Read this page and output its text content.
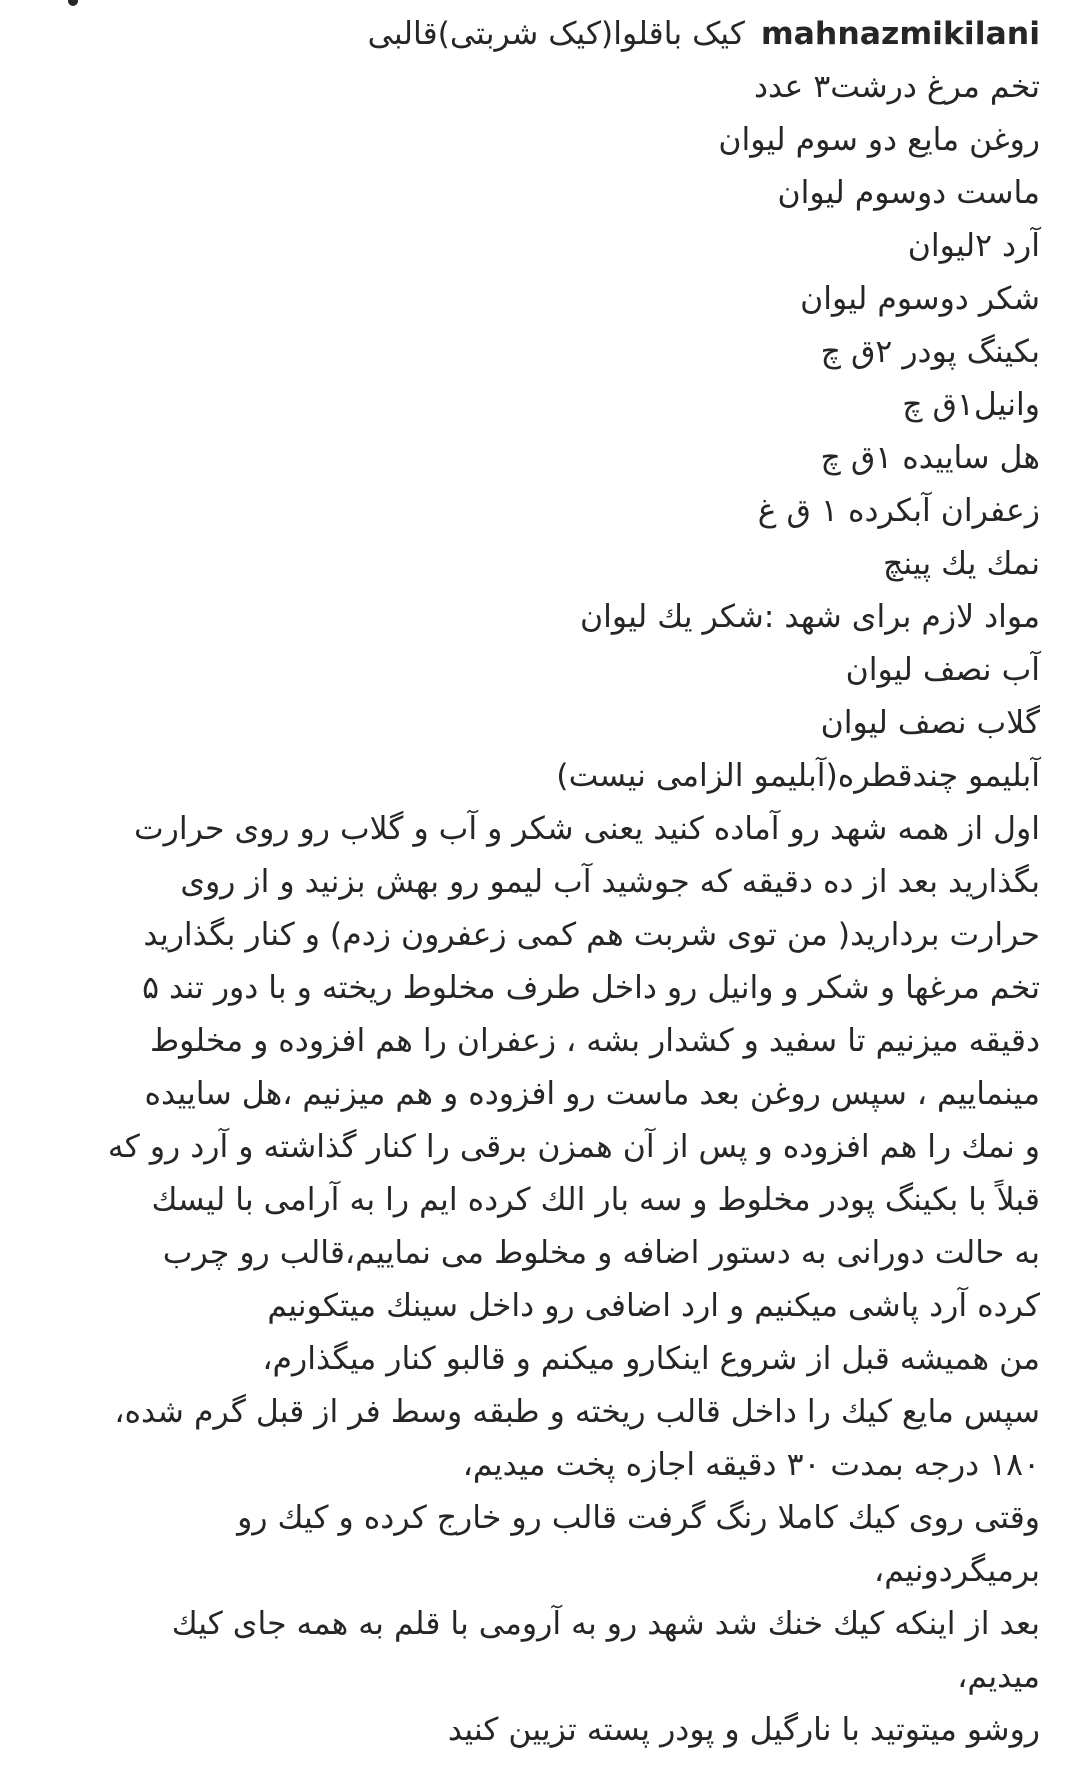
mahnazmikilani کیک باقلوا(کیک شربتی)قالبی
تخم مرغ درشت۳ عدد
روغن مایع دو سوم لیوان
ماست دوسوم لیوان
آرد ۲لیوان
شکر دوسوم لیوان
بکینگ پودر ۲ق چ
وانیل۱ق چ
هل ساییده ۱ق چ
زعفران آبکرده ۱ ق غ
نمك یك پینچ
مواد لازم برای شهد :شکر یك لیوان
آب نصف لیوان
گلاب نصف لیوان
آبلیمو چندقطره(آبلیمو الزامی نیست)
اول از همه شهد رو آماده کنید یعنی شکر و آب و گلاب رو روی حرارت
بگذارید بعد از ده دقیقه که جوشید آب لیمو رو بهش بزنید و از روی
حرارت بردارید( من توی شربت هم کمی زعفرون زدم) و کنار بگذارید
تخم مرغها و شکر و وانیل رو داخل طرف مخلوط ریخته و با دور تند ۵
دقیقه میزنیم تا سفید و کشدار بشه ، زعفران را هم افزوده و مخلوط
مینماییم ، سپس روغن بعد ماست رو افزوده و هم میزنیم ،هل ساییده
و نمك را هم افزوده و پس از آن همزن برقی را کنار گذاشته و آرد رو که
قبلاً با بکینگ پودر مخلوط و سه بار الك کرده ایم را به آرامی با لیسك
به حالت دورانی به دستور اضافه و مخلوط می نماییم،قالب رو چرب
کرده آرد پاشی میکنیم و ارد اضافی رو داخل سینك میتکونیم
من همیشه قبل از شروع اینکارو میکنم و قالبو کنار میگذارم،
سپس مایع کیك را داخل قالب ریخته و طبقه وسط فر از قبل گرم شده،
۱۸۰ درجه بمدت ۳۰ دقیقه اجازه پخت میدیم،
وقتی روی کیك کاملا رنگ گرفت قالب رو خارج کرده و کیك رو
برمیگردونیم،
بعد از اینکه کیك خنك شد شهد رو به آرومی با قلم به همه جای کیك
میدیم،
روشو میتوتید با نارگیل و پودر پسته تزیین کنید
